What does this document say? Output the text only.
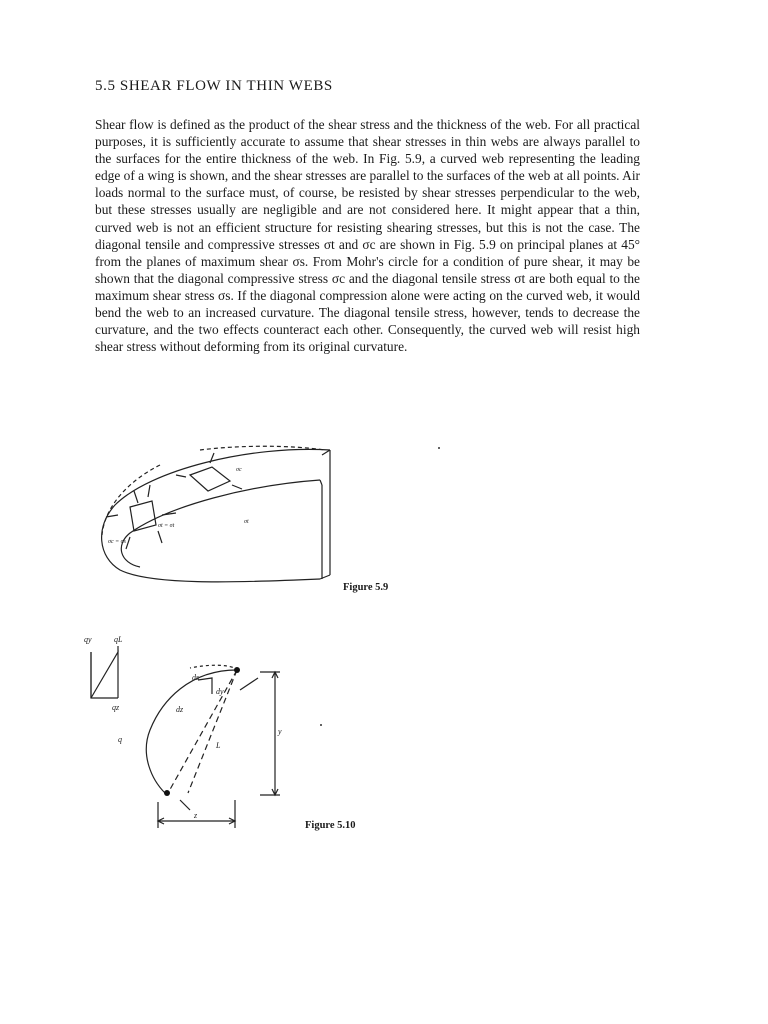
5.5 SHEAR FLOW IN THIN WEBS

Shear flow is defined as the product of the shear stress and the thickness of the web. For all practical purposes, it is sufficiently accurate to assume that shear stresses in thin webs are always parallel to the surfaces for the entire thickness of the web. In Fig. 5.9, a curved web representing the leading edge of a wing is shown, and the shear stresses are parallel to the surfaces of the web at all points. Air loads normal to the surface must, of course, be resisted by shear stresses perpendicular to the web, but these stresses usually are negligible and are not considered here. It might appear that a thin, curved web is not an efficient structure for resisting shearing stresses, but this is not the case. The diagonal tensile and compressive stresses σt and σc are shown in Fig. 5.9 on principal planes at 45° from the planes of maximum shear σs. From Mohr's circle for a condition of pure shear, it may be shown that the diagonal compressive stress σc and the diagonal tensile stress σt are both equal to the maximum shear stress σs. If the diagonal compression alone were acting on the curved web, it would bend the web to an increased curvature. The diagonal tensile stress, however, tends to decrease the curvature, and the two effects counteract each other. Consequently, the curved web will resist high shear stress without deforming from its original curvature.

σc
σt = σt
σt
σc = σs

Figure 5.9

qy	qL
qz
q
ds
dy
dz
L
y
z

Figure 5.10
